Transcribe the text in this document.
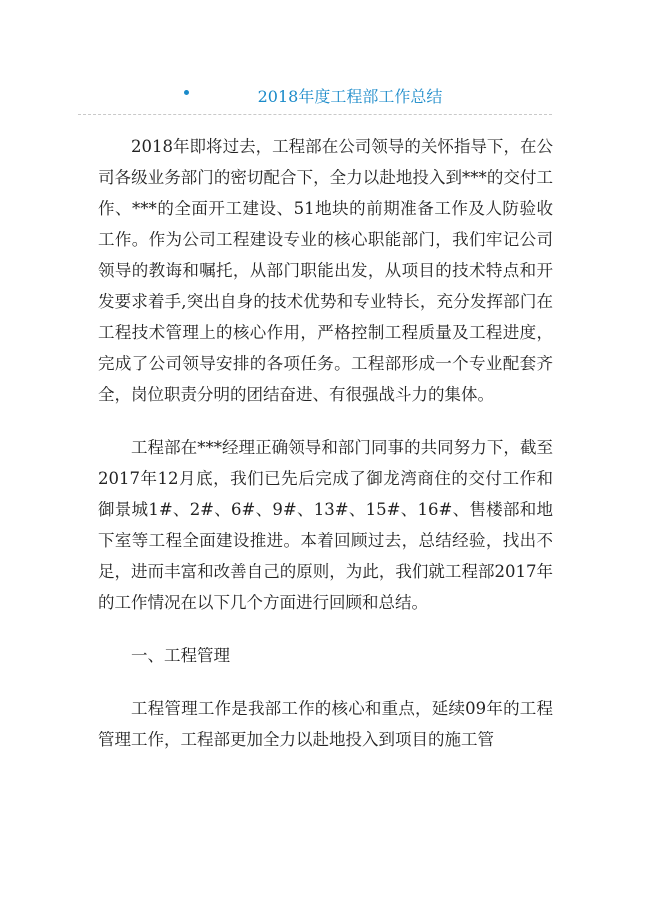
2018年度工程部工作总结

2018年即将过去，工程部在公司领导的关怀指导下，在公司各级业务部门的密切配合下，全力以赴地投入到***的交付工作、***的全面开工建设、51地块的前期准备工作及人防验收工作。作为公司工程建设专业的核心职能部门，我们牢记公司领导的教诲和嘱托，从部门职能出发，从项目的技术特点和开发要求着手,突出自身的技术优势和专业特长，充分发挥部门在工程技术管理上的核心作用，严格控制工程质量及工程进度，完成了公司领导安排的各项任务。工程部形成一个专业配套齐全，岗位职责分明的团结奋进、有很强战斗力的集体。

工程部在***经理正确领导和部门同事的共同努力下，截至2017年12月底，我们已先后完成了御龙湾商住的交付工作和御景城1#、2#、6#、9#、13#、15#、16#、售楼部和地下室等工程全面建设推进。本着回顾过去，总结经验，找出不足，进而丰富和改善自己的原则，为此，我们就工程部2017年的工作情况在以下几个方面进行回顾和总结。

一、工程管理

工程管理工作是我部工作的核心和重点，延续09年的工程管理工作，工程部更加全力以赴地投入到项目的施工管
